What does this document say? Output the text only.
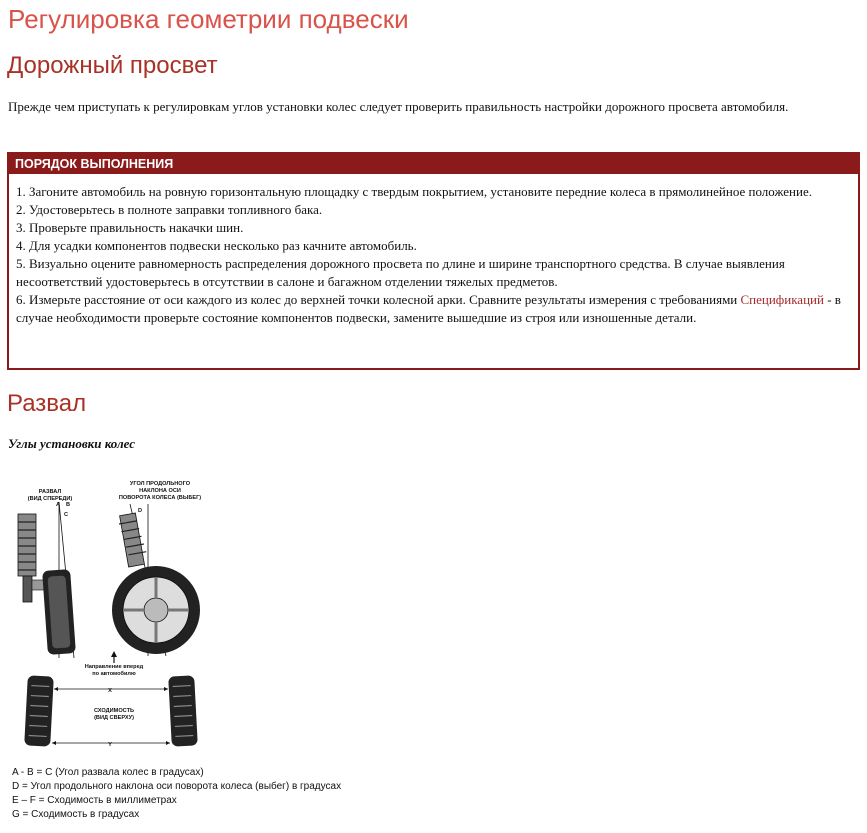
Регулировка геометрии подвески
Дорожный просвет

Прежде чем приступать к регулировкам углов установки колес следует проверить правильность настройки дорожного просвета автомобиля.

ПОРЯДОК ВЫПОЛНЕНИЯ
1. Загоните автомобиль на ровную горизонтальную площадку с твердым покрытием, установите передние колеса в прямолинейное положение.
2. Удостоверьтесь в полноте заправки топливного бака.
3. Проверьте правильность накачки шин.
4. Для усадки компонентов подвески несколько раз качните автомобиль.
5. Визуально оцените равномерность распределения дорожного просвета по длине и ширине транспортного средства. В случае выявления несоответствий удостоверьтесь в отсутствии в салоне и багажном отделении тяжелых предметов.
6. Измерьте расстояние от оси каждого из колес до верхней точки колесной арки. Сравните результаты измерения с требованиями Спецификаций - в случае необходимости проверьте состояние компонентов подвески, замените вышедшие из строя или изношенные детали.
Развал

Углы установки колес

РАЗВАЛ
(ВИД СПЕРЕДИ)
УГОЛ ПРОДОЛЬНОГО
НАКЛОНА ОСИ
ПОВОРОТА КОЛЕСА (ВЫБЕГ)
A B
C
D
Направление вперед
по автомобилю
X
Y
СХОДИМОСТЬ
(ВИД СВЕРХУ)
A - B = C (Угол развала колес в градусах)
D = Угол продольного наклона оси поворота колеса (выбег) в градусах
E – F = Сходимость в миллиметрах
G = Сходимость в градусах
